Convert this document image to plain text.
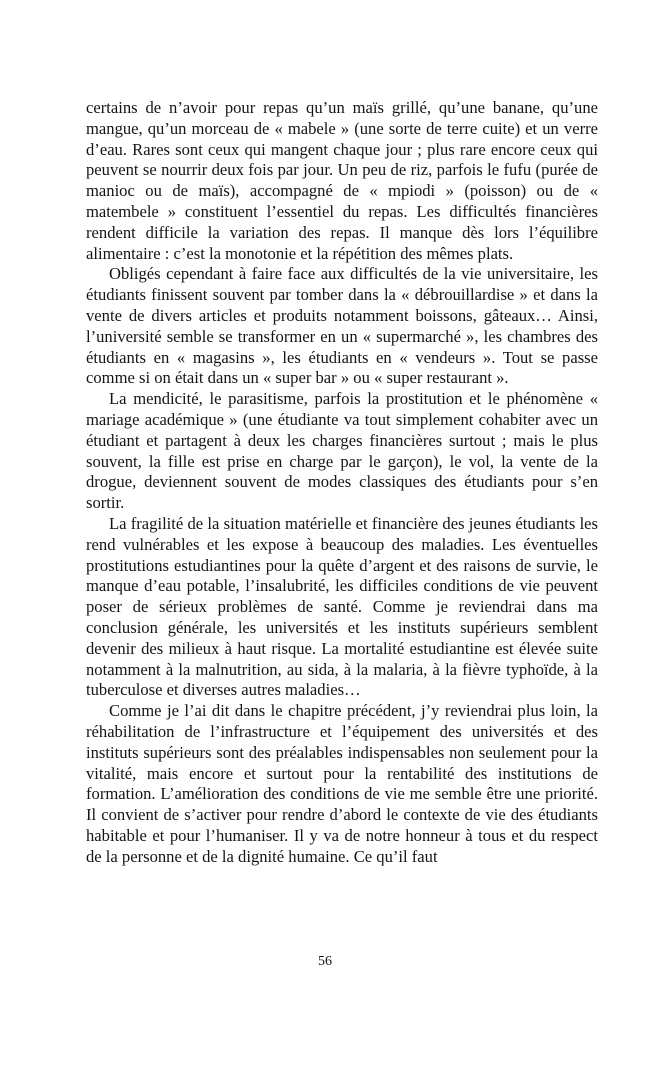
certains de n’avoir pour repas qu’un maïs grillé, qu’une banane, qu’une mangue, qu’un morceau de « mabele » (une sorte de terre cuite) et un verre d’eau. Rares sont ceux qui mangent chaque jour ; plus rare encore ceux qui peuvent se nourrir deux fois par jour. Un peu de riz, parfois le fufu (purée de manioc ou de maïs), accompagné de « mpiodi » (poisson) ou de « matembele » constituent l’essentiel du repas. Les difficultés financières rendent difficile la variation des repas. Il manque dès lors l’équilibre alimentaire : c’est la monotonie et la répétition des mêmes plats.

Obligés cependant à faire face aux difficultés de la vie universitaire, les étudiants finissent souvent par tomber dans la « débrouillardise » et dans la vente de divers articles et produits notamment boissons, gâteaux… Ainsi, l’université semble se transformer en un « supermarché », les chambres des étudiants en « magasins », les étudiants en « vendeurs ». Tout se passe comme si on était dans un « super bar » ou « super restaurant ».

La mendicité, le parasitisme, parfois la prostitution et le phénomène « mariage académique » (une étudiante va tout simplement cohabiter avec un étudiant et partagent à deux les charges financières surtout ; mais le plus souvent, la fille est prise en charge par le garçon), le vol, la vente de la drogue, deviennent souvent de modes classiques des étudiants pour s’en sortir.

La fragilité de la situation matérielle et financière des jeunes étudiants les rend vulnérables et les expose à beaucoup des maladies. Les éventuelles prostitutions estudiantines pour la quête d’argent et des raisons de survie, le manque d’eau potable, l’insalubrité, les difficiles conditions de vie peuvent poser de sérieux problèmes de santé. Comme je reviendrai dans ma conclusion générale, les universités et les instituts supérieurs semblent devenir des milieux à haut risque. La mortalité estudiantine est élevée suite notamment à la malnutrition, au sida, à la malaria, à la fièvre typhoïde, à la tuberculose et diverses autres maladies…

Comme je l’ai dit dans le chapitre précédent, j’y reviendrai plus loin, la réhabilitation de l’infrastructure et l’équipement des universités et des instituts supérieurs sont des préalables indispensables non seulement pour la vitalité, mais encore et surtout pour la rentabilité des institutions de formation. L’amélioration des conditions de vie me semble être une priorité. Il convient de s’activer pour rendre d’abord le contexte de vie des étudiants habitable et pour l’humaniser. Il y va de notre honneur à tous et du respect de la personne et de la dignité humaine. Ce qu’il faut

56
